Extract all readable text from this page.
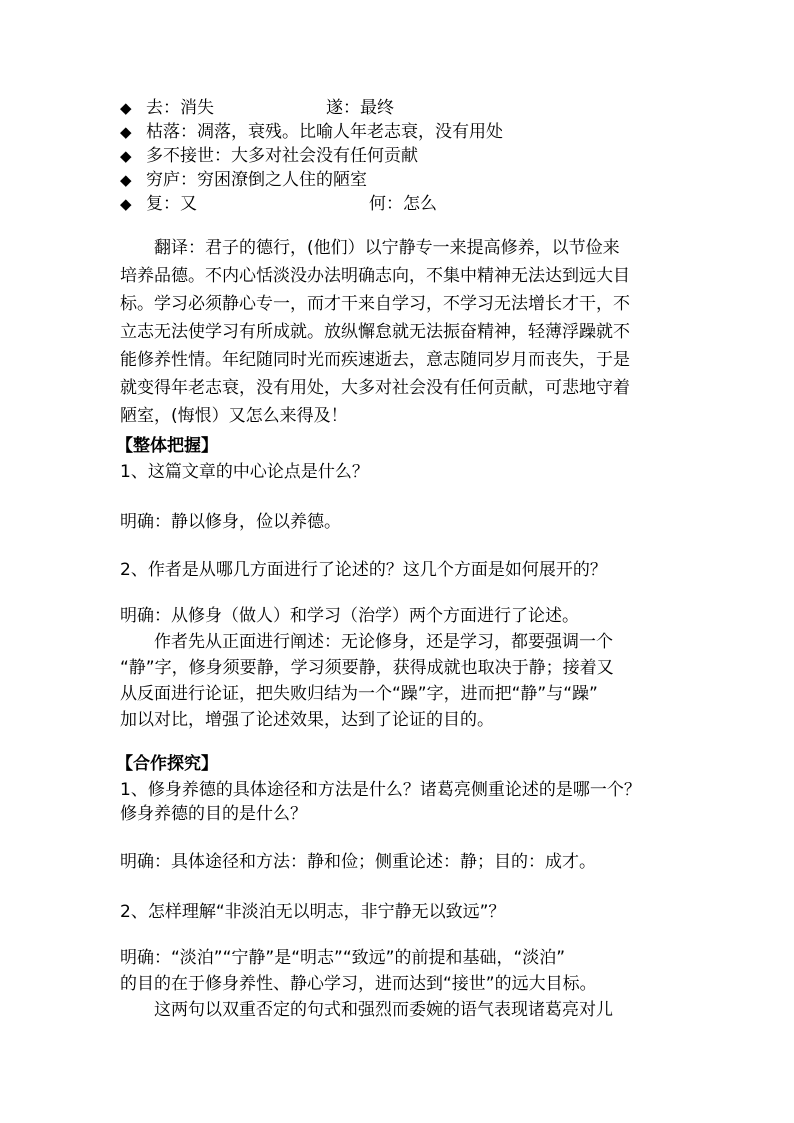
◆ 去：消失	遂：最终
◆ 枯落：凋落，衰残。比喻人年老志衰，没有用处
◆ 多不接世：大多对社会没有任何贡献
◆ 穷庐：穷困潦倒之人住的陋室
◆ 复：又	何：怎么
　　翻译：君子的德行，(他们）以宁静专一来提高修养，以节俭来
培养品德。不内心恬淡没办法明确志向，不集中精神无法达到远大目
标。学习必须静心专一，而才干来自学习，不学习无法增长才干，不
立志无法使学习有所成就。放纵懈怠就无法振奋精神，轻薄浮躁就不
能修养性情。年纪随同时光而疾速逝去，意志随同岁月而丧失，于是
就变得年老志衰，没有用处，大多对社会没有任何贡献，可悲地守着
陋室，(悔恨）又怎么来得及！
【整体把握】
1、这篇文章的中心论点是什么？
明确：静以修身，俭以养德。
2、作者是从哪几方面进行了论述的？这几个方面是如何展开的？
明确：从修身（做人）和学习（治学）两个方面进行了论述。
　　作者先从正面进行阐述：无论修身，还是学习，都要强调一个
“静”字，修身须要静，学习须要静，获得成就也取决于静；接着又
从反面进行论证，把失败归结为一个“躁”字，进而把“静”与“躁”
加以对比，增强了论述效果，达到了论证的目的。
【合作探究】
1、修身养德的具体途径和方法是什么？诸葛亮侧重论述的是哪一个？
修身养德的目的是什么？
明确：具体途径和方法：静和俭；侧重论述：静；目的：成才。
2、怎样理解“非淡泊无以明志，非宁静无以致远”？
明确：“淡泊”“宁静”是“明志”“致远”的前提和基础，“淡泊”
的目的在于修身养性、静心学习，进而达到“接世”的远大目标。
　　这两句以双重否定的句式和强烈而委婉的语气表现诸葛亮对儿
